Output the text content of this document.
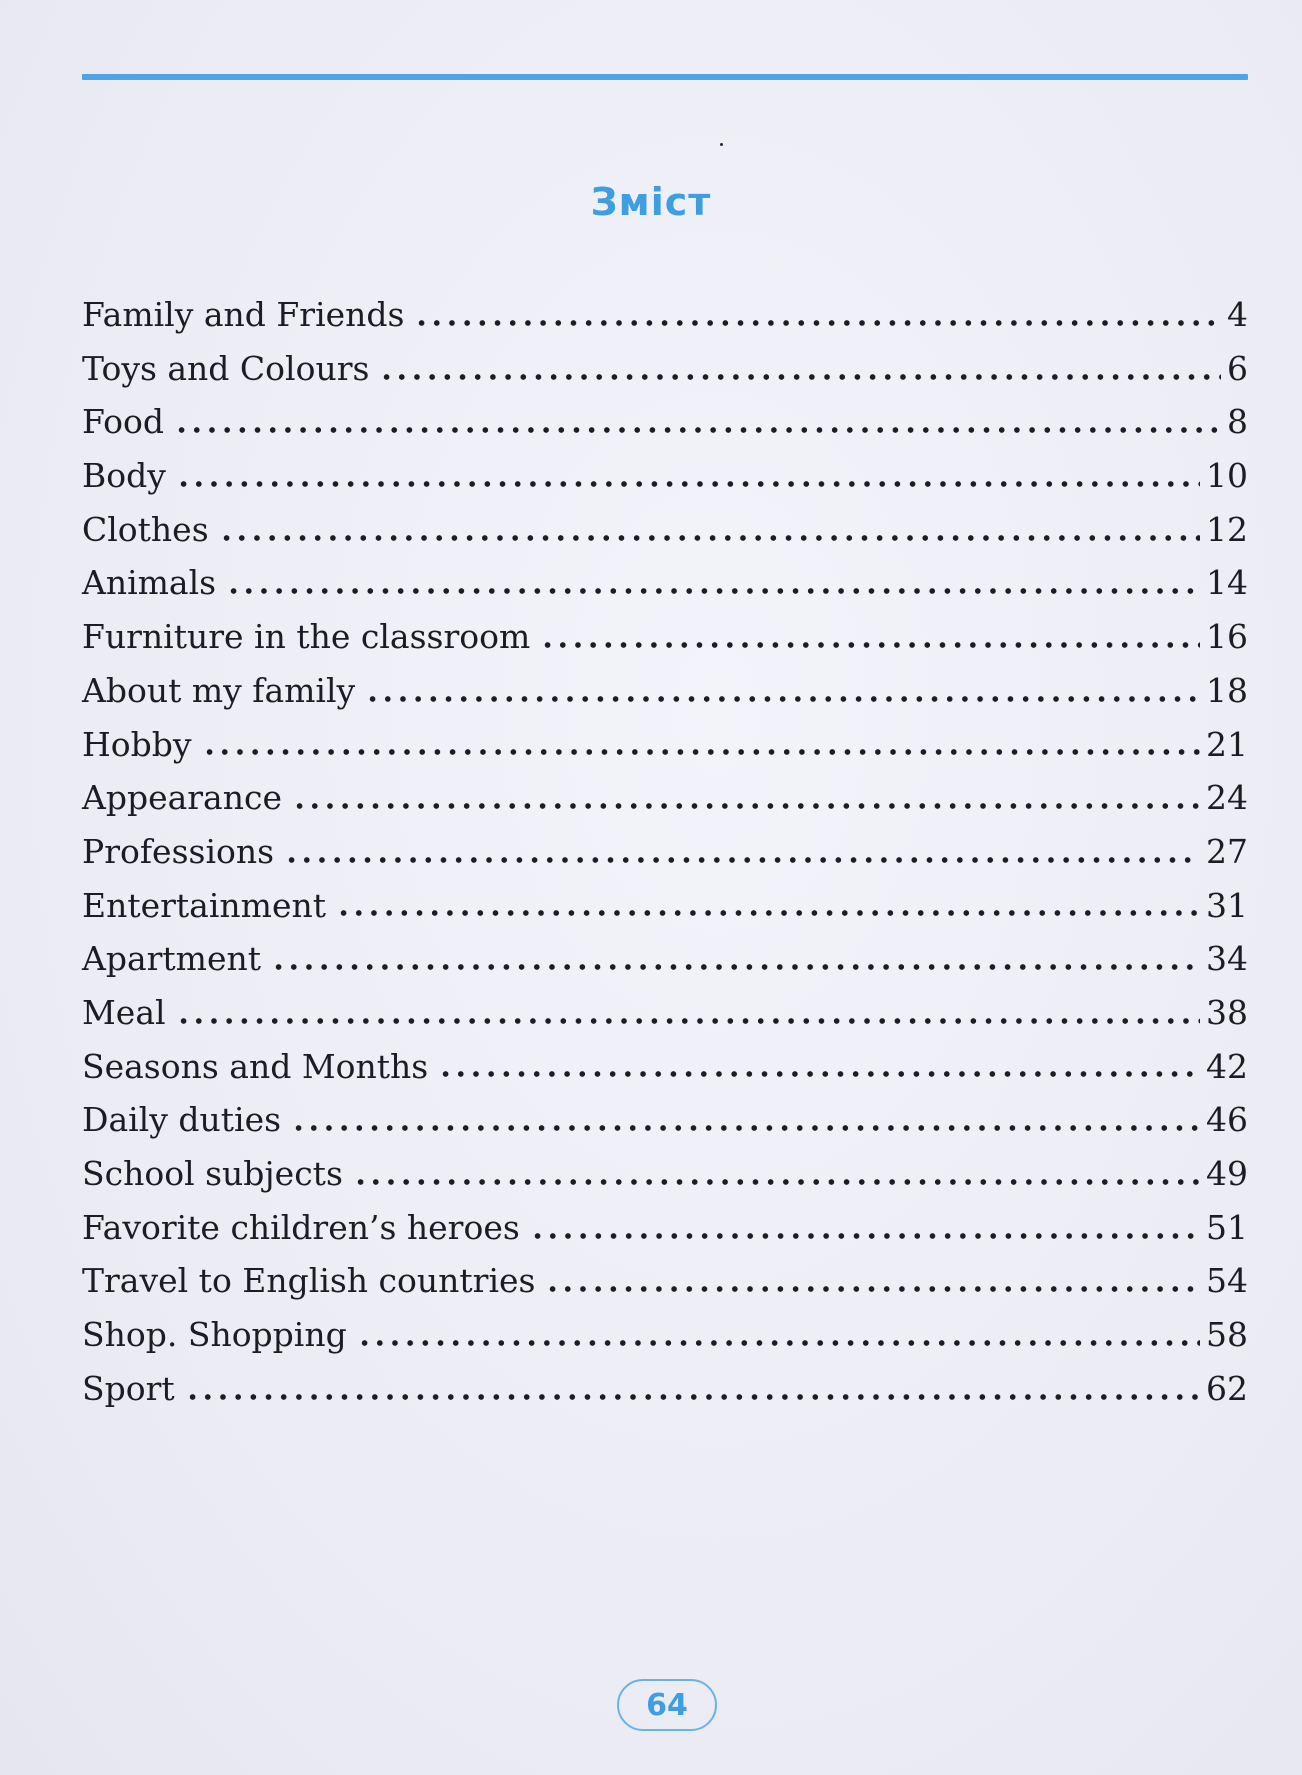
Зміст
Family and Friends	4
Toys and Colours	6
Food	8
Body	10
Clothes	12
Animals	14
Furniture in the classroom	16
About my family	18
Hobby	21
Appearance	24
Professions	27
Entertainment	31
Apartment	34
Meal	38
Seasons and Months	42
Daily duties	46
School subjects	49
Favorite children’s heroes	51
Travel to English countries	54
Shop. Shopping	58
Sport	62
64
